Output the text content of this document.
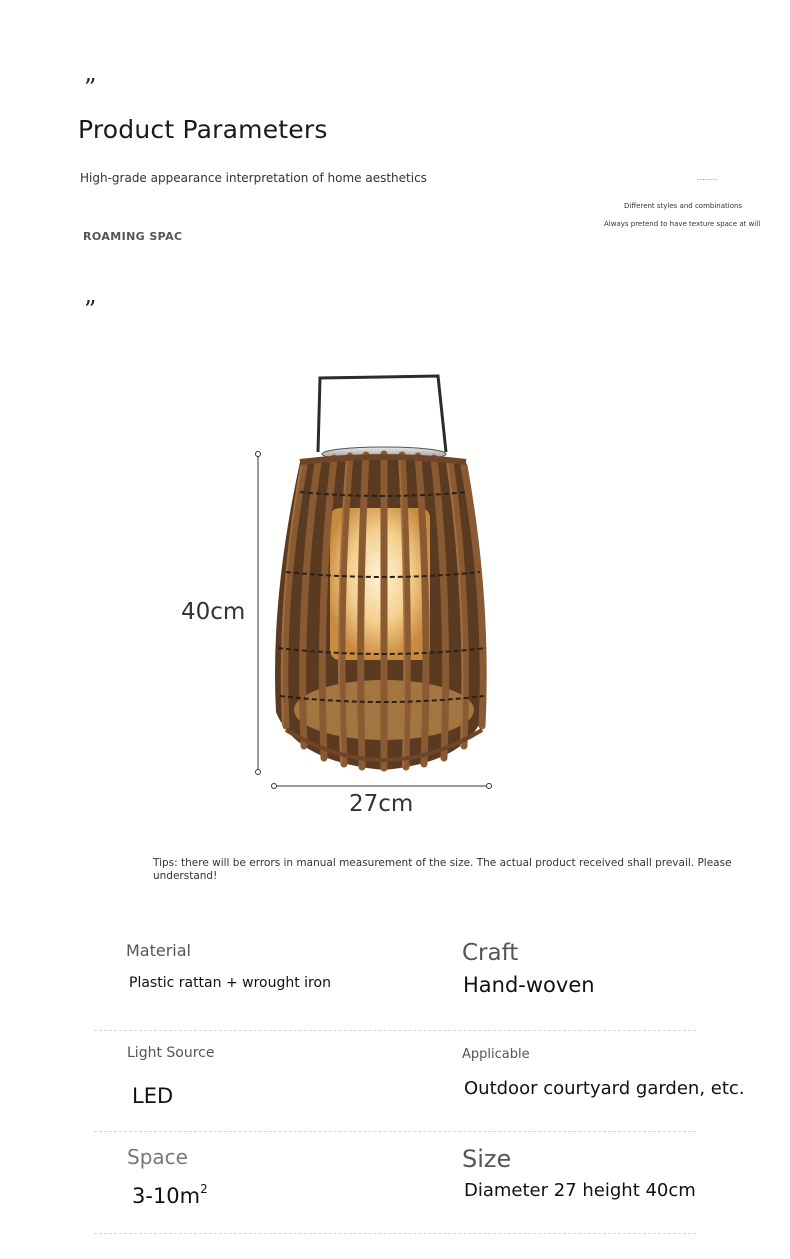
”
Product Parameters
High-grade appearance interpretation of home aesthetics
ROAMING SPAC
........
Different styles and combinations
Always pretend to have texture space at will
”
40cm
27cm
Tips: there will be errors in manual measurement of the size. The actual product received shall prevail. Please understand!
Material
Plastic rattan + wrought iron
Craft
Hand-woven
Light Source
LED
Applicable
Outdoor courtyard garden, etc.
Space
$3-10m^2$
Size
Diameter 27 height 40cm
